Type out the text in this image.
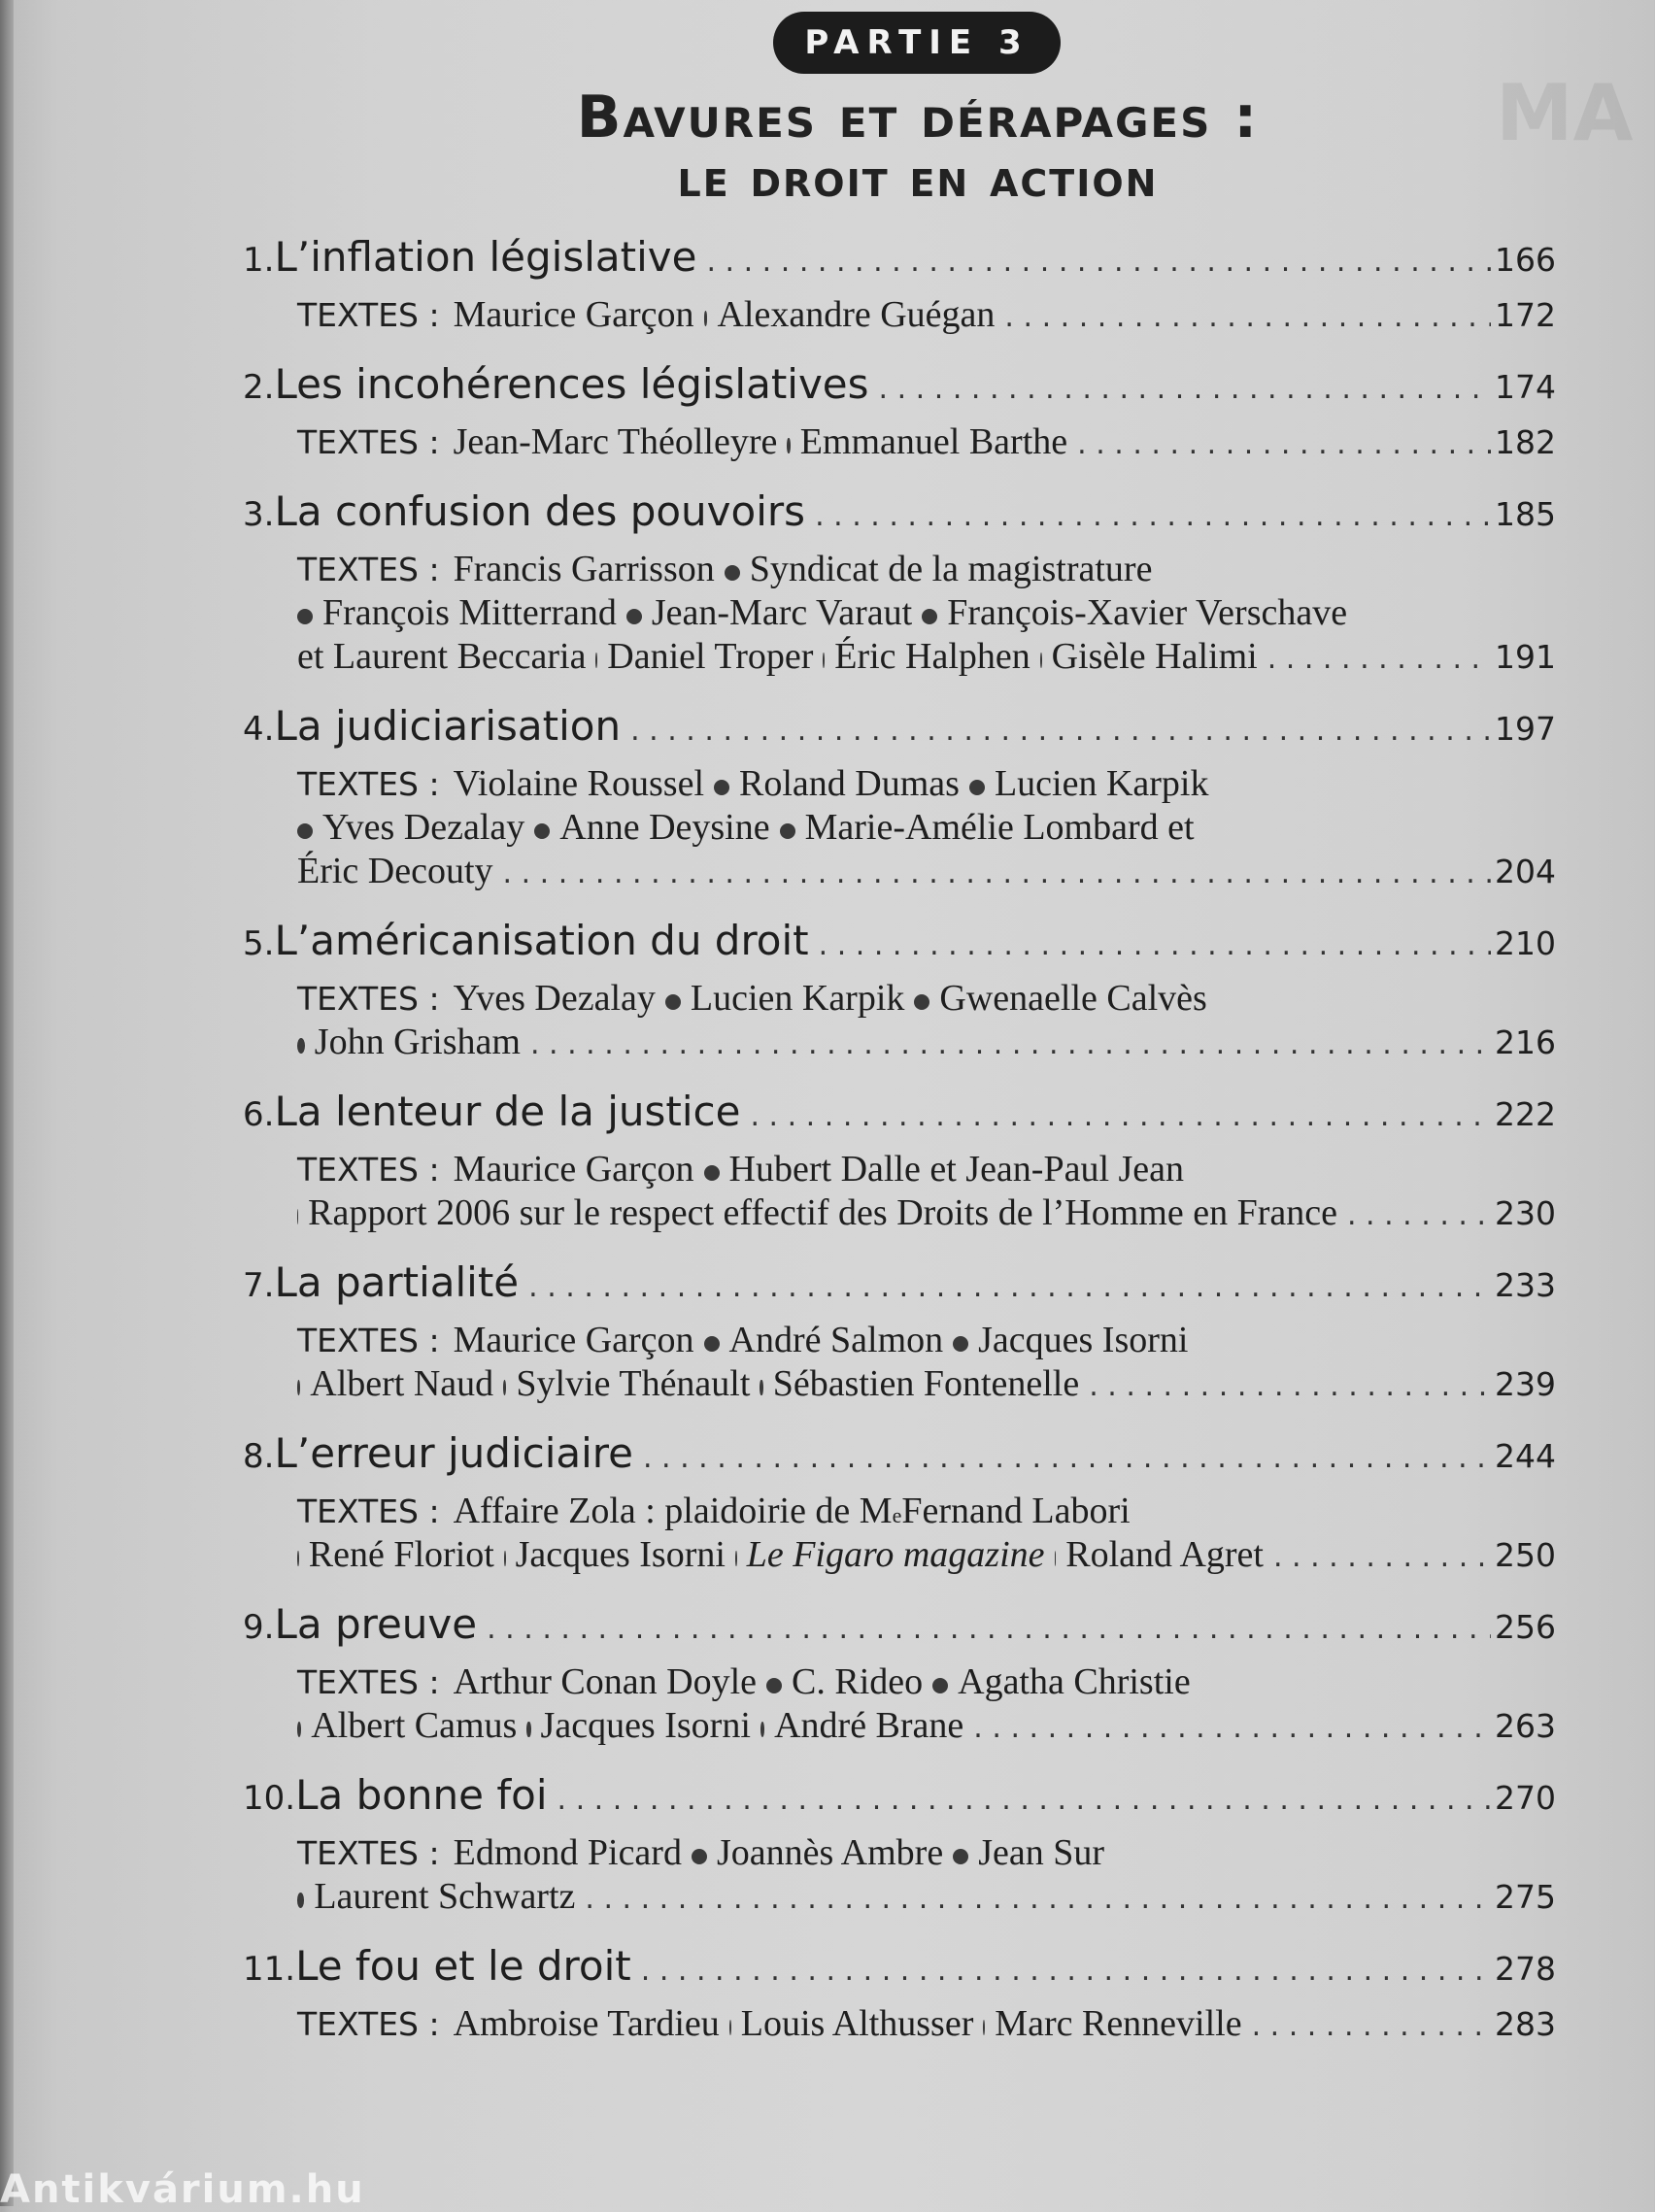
AM
PARTIE 3
Bavures et dérapages :
le droit en action
1. L’inflation législative . . .	166
TEXTES : Maurice Garçon Alexandre Guégan . . .	172
2. Les incohérences législatives . . .	174
TEXTES : Jean-Marc Théolleyre Emmanuel Barthe . . .	182
3. La confusion des pouvoirs . . .	185
TEXTES : Francis Garrisson Syndicat de la magistrature
François Mitterrand Jean-Marc Varaut François-Xavier Verschave
et Laurent Beccaria Daniel Troper Éric Halphen Gisèle Halimi . . .	191
4. La judiciarisation . . .	197
TEXTES : Violaine Roussel Roland Dumas Lucien Karpik
Yves Dezalay Anne Deysine Marie-Amélie Lombard et
Éric Decouty . . .	204
5. L’américanisation du droit . . .	210
TEXTES : Yves Dezalay Lucien Karpik Gwenaelle Calvès
John Grisham . . .	216
6. La lenteur de la justice . . .	222
TEXTES : Maurice Garçon Hubert Dalle et Jean-Paul Jean
Rapport 2006 sur le respect effectif des Droits de l’Homme en France . . .	230
7. La partialité . . .	233
TEXTES : Maurice Garçon André Salmon Jacques Isorni
Albert Naud Sylvie Thénault Sébastien Fontenelle . . .	239
8. L’erreur judiciaire . . .	244
TEXTES : Affaire Zola : plaidoirie de M e Fernand Labori
René Floriot Jacques Isorni Le Figaro magazine Roland Agret . . .	250
9. La preuve . . .	256
TEXTES : Arthur Conan Doyle C. Rideo Agatha Christie
Albert Camus Jacques Isorni André Brane . . .	263
10. La bonne foi . . .	270
TEXTES : Edmond Picard Joannès Ambre Jean Sur
Laurent Schwartz . . .	275
11. Le fou et le droit . . .	278
TEXTES : Ambroise Tardieu Louis Althusser Marc Renneville . . .	283
Antikvárium.hu
